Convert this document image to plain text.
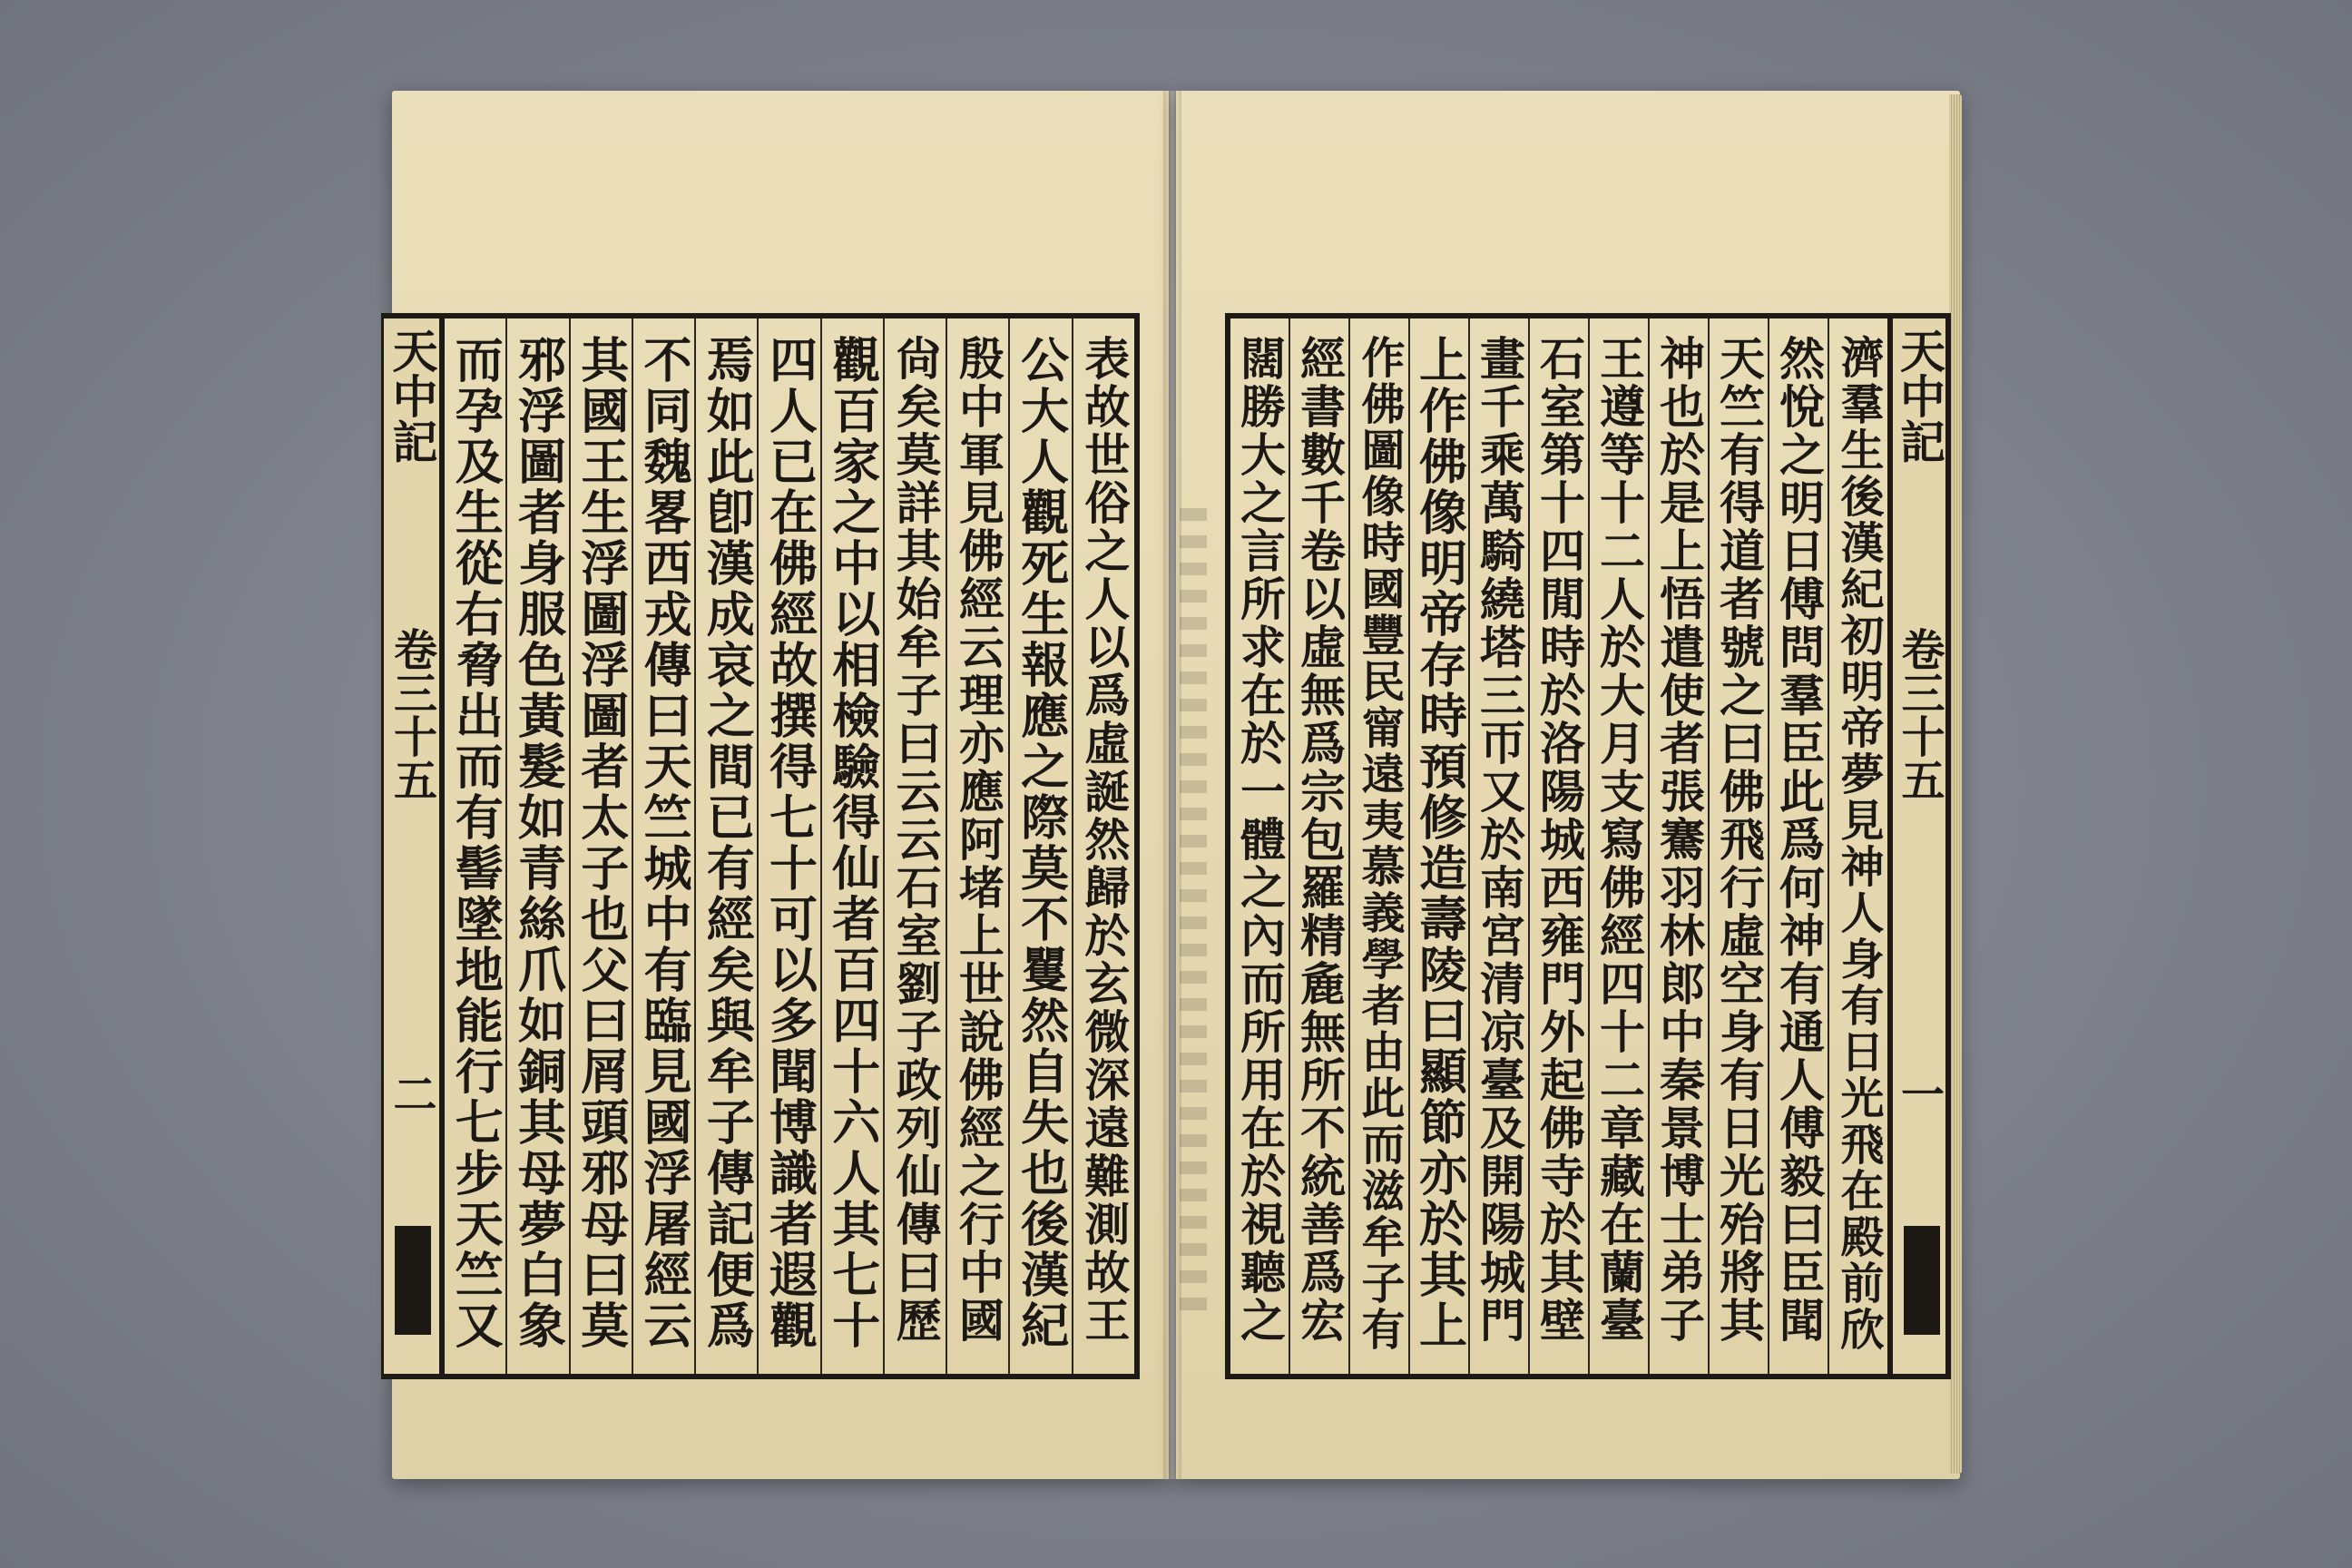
天中記
卷三十五
二	表故世俗之人以爲虛誕然歸於玄微深遠難測故王
公大人觀死生報應之際莫不矍然自失也後漢紀
殷中軍見佛經云理亦應阿堵上世說佛經之行中國
尙矣莫詳其始牟子曰云云石室劉子政列仙傳曰歷
觀百家之中以相檢驗得仙者百四十六人其七十
四人已在佛經故撰得七十可以多聞博識者遐觀
焉如此卽漢成哀之間已有經矣與牟子傳記便爲
不同魏畧西戎傳曰天竺城中有臨見國浮屠經云
其國王生浮圖浮圖者太子也父曰屑頭邪母曰莫
邪浮圖者身服色黃髮如青絲爪如銅其母夢白象
而孕及生從右脅出而有髻墜地能行七步天竺又	濟羣生後漢紀初明帝夢見神人身有日光飛在殿前欣
然悅之明日傅問羣臣此爲何神有通人傅毅曰臣聞
天竺有得道者號之曰佛飛行虛空身有日光殆將其
神也於是上悟遣使者張騫羽林郎中秦景博士弟子
王遵等十二人於大月支寫佛經四十二章藏在蘭臺
石室第十四閒時於洛陽城西雍門外起佛寺於其壁
畫千乘萬騎繞塔三帀又於南宮清凉臺及開陽城門
上作佛像明帝存時預修造壽陵曰顯節亦於其上
作佛圖像時國豐民甯遠夷慕義學者由此而滋牟子有
經書數千卷以虛無爲宗包羅精麁無所不統善爲宏
闊勝大之言所求在於一體之內而所用在於視聽之	天中記
卷三十五
一
